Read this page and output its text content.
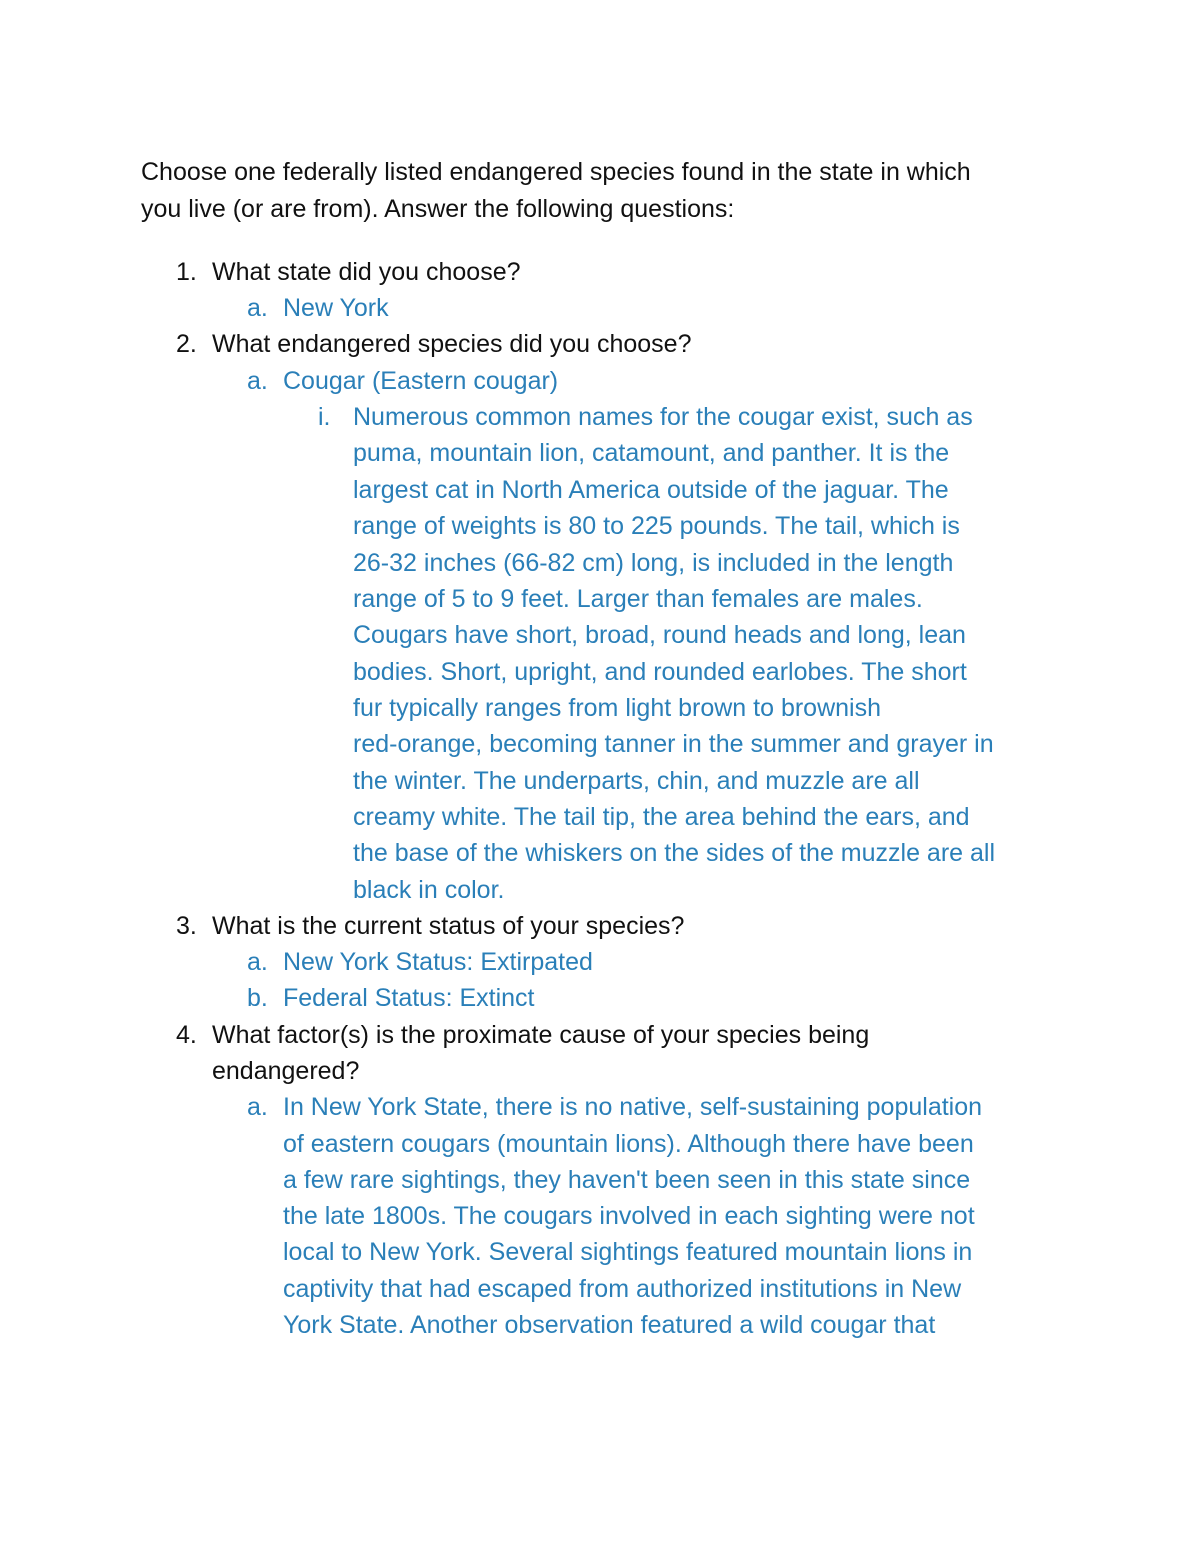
Choose one federally listed endangered species found in the state in which
you live (or are from). Answer the following questions:
1. What state did you choose?
a. New York
2. What endangered species did you choose?
a. Cougar (Eastern cougar)
i. Numerous common names for the cougar exist, such as
puma, mountain lion, catamount, and panther. It is the
largest cat in North America outside of the jaguar. The
range of weights is 80 to 225 pounds. The tail, which is
26-32 inches (66-82 cm) long, is included in the length
range of 5 to 9 feet. Larger than females are males.
Cougars have short, broad, round heads and long, lean
bodies. Short, upright, and rounded earlobes. The short
fur typically ranges from light brown to brownish
red-orange, becoming tanner in the summer and grayer in
the winter. The underparts, chin, and muzzle are all
creamy white. The tail tip, the area behind the ears, and
the base of the whiskers on the sides of the muzzle are all
black in color.
3. What is the current status of your species?
a. New York Status: Extirpated
b. Federal Status: Extinct
4. What factor(s) is the proximate cause of your species being
endangered?
a. In New York State, there is no native, self-sustaining population
of eastern cougars (mountain lions). Although there have been
a few rare sightings, they haven't been seen in this state since
the late 1800s. The cougars involved in each sighting were not
local to New York. Several sightings featured mountain lions in
captivity that had escaped from authorized institutions in New
York State. Another observation featured a wild cougar that
